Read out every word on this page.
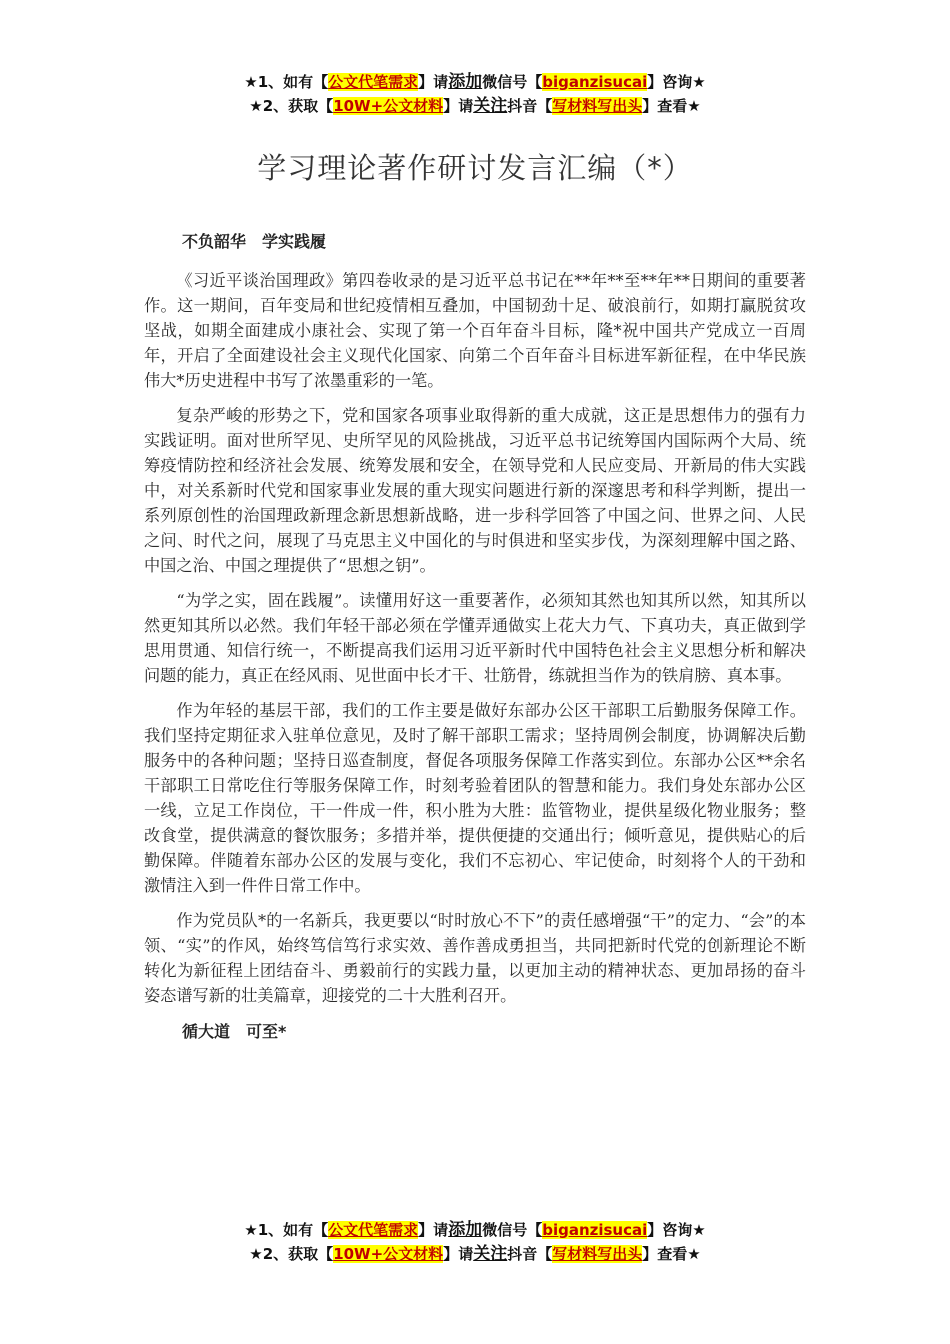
★1、如有【公文代笔需求】请添加微信号【biganzisucai】咨询★
★2、获取【10W+公文材料】请关注抖音【写材料写出头】查看★
学习理论著作研讨发言汇编（*）
不负韶华　学实践履

《习近平谈治国理政》第四卷收录的是习近平总书记在**年**至**年**日期间的重要著作。这一期间，百年变局和世纪疫情相互叠加，中国韧劲十足、破浪前行，如期打赢脱贫攻坚战，如期全面建成小康社会、实现了第一个百年奋斗目标，隆*祝中国共产党成立一百周年，开启了全面建设社会主义现代化国家、向第二个百年奋斗目标进军新征程，在中华民族伟大*历史进程中书写了浓墨重彩的一笔。

复杂严峻的形势之下，党和国家各项事业取得新的重大成就，这正是思想伟力的强有力实践证明。面对世所罕见、史所罕见的风险挑战，习近平总书记统筹国内国际两个大局、统筹疫情防控和经济社会发展、统筹发展和安全，在领导党和人民应变局、开新局的伟大实践中，对关系新时代党和国家事业发展的重大现实问题进行新的深邃思考和科学判断，提出一系列原创性的治国理政新理念新思想新战略，进一步科学回答了中国之问、世界之问、人民之问、时代之问，展现了马克思主义中国化的与时俱进和坚实步伐，为深刻理解中国之路、中国之治、中国之理提供了“思想之钥”。

“为学之实，固在践履”。读懂用好这一重要著作，必须知其然也知其所以然，知其所以然更知其所以必然。我们年轻干部必须在学懂弄通做实上花大力气、下真功夫，真正做到学思用贯通、知信行统一，不断提高我们运用习近平新时代中国特色社会主义思想分析和解决问题的能力，真正在经风雨、见世面中长才干、壮筋骨，练就担当作为的铁肩膀、真本事。

作为年轻的基层干部，我们的工作主要是做好东部办公区干部职工后勤服务保障工作。我们坚持定期征求入驻单位意见，及时了解干部职工需求；坚持周例会制度，协调解决后勤服务中的各种问题；坚持日巡查制度，督促各项服务保障工作落实到位。东部办公区**余名干部职工日常吃住行等服务保障工作，时刻考验着团队的智慧和能力。我们身处东部办公区一线，立足工作岗位，干一件成一件，积小胜为大胜：监管物业，提供星级化物业服务；整改食堂，提供满意的餐饮服务；多措并举，提供便捷的交通出行；倾听意见，提供贴心的后勤保障。伴随着东部办公区的发展与变化，我们不忘初心、牢记使命，时刻将个人的干劲和激情注入到一件件日常工作中。

作为党员队*的一名新兵，我更要以“时时放心不下”的责任感增强“干”的定力、“会”的本领、“实”的作风，始终笃信笃行求实效、善作善成勇担当，共同把新时代党的创新理论不断转化为新征程上团结奋斗、勇毅前行的实践力量，以更加主动的精神状态、更加昂扬的奋斗姿态谱写新的壮美篇章，迎接党的二十大胜利召开。

循大道　可至*
★1、如有【公文代笔需求】请添加微信号【biganzisucai】咨询★
★2、获取【10W+公文材料】请关注抖音【写材料写出头】查看★
